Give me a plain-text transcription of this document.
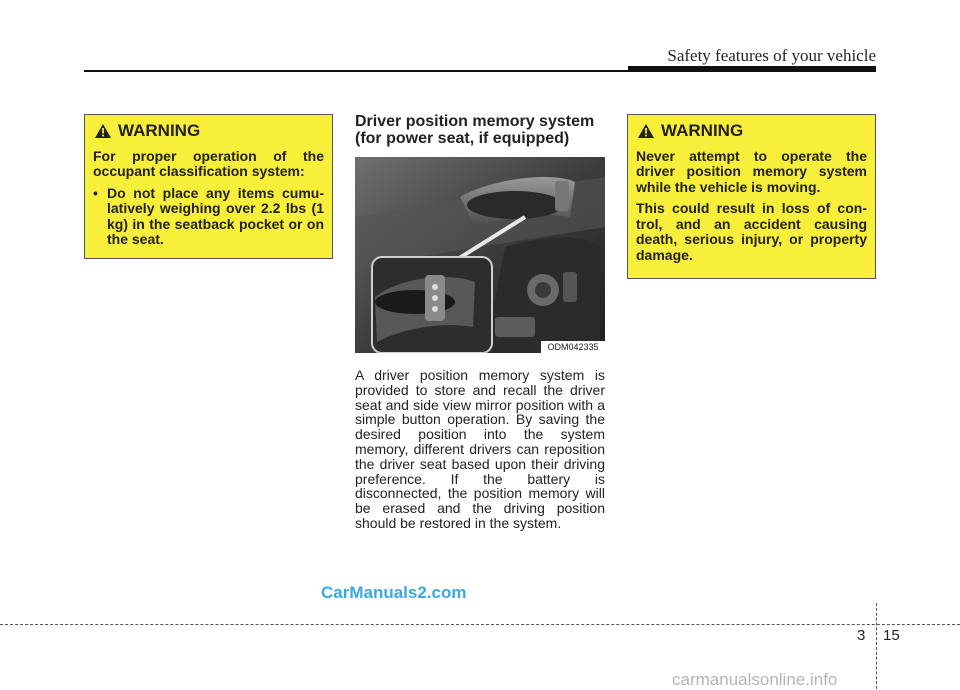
Safety features of your vehicle
WARNING

For proper operation of the occupant classification system:

• Do not place any items cumulatively weighing over 2.2 lbs (1 kg) in the seatback pocket or on the seat.
Driver position memory system
(for power seat, if equipped)
ODM042335
A driver position memory system is provided to store and recall the driver seat and side view mirror position with a simple button operation. By saving the desired position into the system memory, different drivers can reposition the driver seat based upon their driving preference. If the battery is disconnected, the position memory will be erased and the driving position should be restored in the system.
WARNING

Never attempt to operate the driver position memory system while the vehicle is moving.

This could result in loss of control, and an accident causing death, serious injury, or property damage.

CarManuals2.com
3 15
carmanualsonline.info
